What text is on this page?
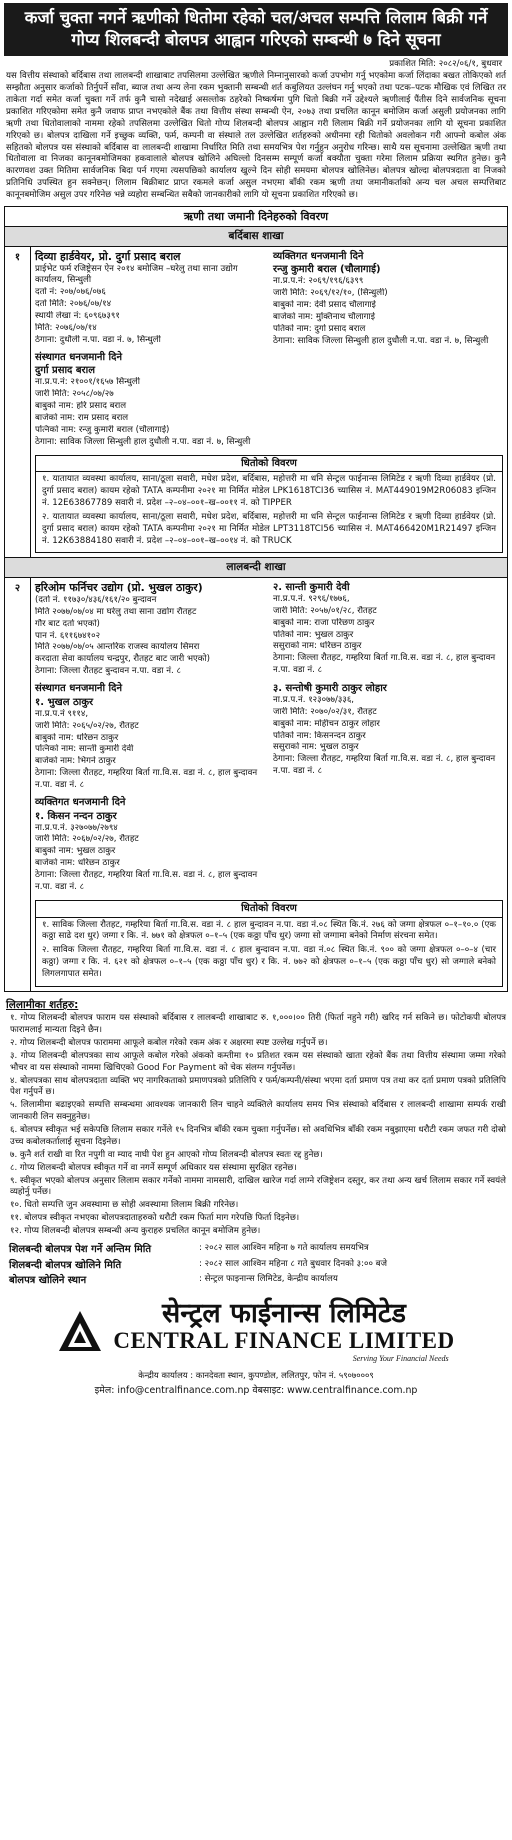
कर्जा चुक्ता नगर्ने ऋणीको धितोमा रहेको चल/अचल सम्पत्ति लिलाम बिक्री गर्ने
गोप्य शिलबन्दी बोलपत्र आह्वान गरिएको सम्बन्धी ७ दिने सूचना
प्रकाशित मिति: २०८२/०६/१, बुधवार
यस वित्तीय संस्थाको बर्दिबास तथा लालबन्दी शाखाबाट तपसिलमा उल्लेखित ऋणीले निम्नानुसारको कर्जा उपभोग गर्नु भएकोमा कर्जा लिंदाका बखत तोकिएको शर्त सम्झौता अनुसार कर्जाको तिर्नुपर्ने साँवा, ब्याज तथा अन्य लेना रकम भुक्तानी सम्बन्धी शर्त कबुलियत उल्लंघन गर्नु भएको तथा पटक–पटक मौखिक एवं लिखित तर ताकेता गर्दा समेत कर्जा चुक्ता गर्ने तर्फ कुनै चासो नदेखाई असल्तोक ठहरेको निष्कर्षमा पुगि धितो बिक्री गर्ने उद्देश्यले ऋणीलाई पैंतीस दिने सार्वजनिक सूचना प्रकाशित गरिएकोमा समेत कुनै जवाफ प्राप्त नभएकोले बैंक तथा वित्तीय संस्था सम्बन्धी ऐन, २०७३ तथा प्रचलित कानून बमोजिम कर्जा असुली प्रयोजनका लागि ऋणी तथा धितोवालाको नाममा रहेको तपसिलमा उल्लेखित धितो गोप्य शिलबन्दी बोलपत्र आह्वान गरी लिलाम बिक्री गर्ने प्रयोजनका लागि यो सूचना प्रकाशित गरिएको छ। बोलपत्र दाखिला गर्ने इच्छुक व्यक्ति, फर्म, कम्पनी वा संस्थाले तल उल्लेखित शर्तहरुको अधीनमा रही धितोको अवलोकन गरी आफ्नो कबोल अंक सहितको बोलपत्र यस संस्थाको बर्दिबास वा लालबन्दी शाखामा निर्धारित मिति तथा समयभित्र पेश गर्नुहुन अनुरोध गरिन्छ। साथै यस सूचनामा उल्लेखित ऋणी तथा धितोवाला वा निजका कानूनबमोजिमका हकवालाले बोलपत्र खोलिने अघिल्लो दिनसम्म सम्पूर्ण कर्जा बक्यौता चुक्ता गरेमा लिलाम प्रक्रिया स्थगित हुनेछ। कुनै कारणवश उक्त मितिमा सार्वजनिक बिदा पर्न गएमा त्यसपछिको कार्यालय खुल्ने दिन सोही समयमा बोलपत्र खोलिनेछ। बोलपत्र खोल्दा बोलपत्रदाता वा निजको प्रतिनिधि उपस्थित हुन सक्नेछन्। लिलाम बिक्रीबाट प्राप्त रकमले कर्जा असुल नभएमा बाँकी रकम ऋणी तथा जमानीकर्ताको अन्य चल अचल सम्पत्तिबाट कानूनबमोजिम असुल उपर गरिनेछ भन्ने व्यहोरा सम्बन्धित सबैको जानकारीको लागि यो सूचना प्रकाशित गरिएको छ।
ऋणी तथा जमानी दिनेहरुको विवरण
बर्दिबास शाखा
१	दिव्या हार्डवेयर, प्रो. दुर्गा प्रसाद बराल
प्राईभेट फर्म रजिष्ट्रेसन ऐन २०१४ बमोजिम –घरेलु तथा साना उद्योग कार्यालय, सिन्धुली
दर्ता नं: २०७/०७६/०७६
दर्ता मिति: २०७६/०७/१४
स्थायी लेखा नं: ६०९६७३९१
मिति: २०७६/०७/१४
ठेगाना: दुधौली न.पा. वडा नं. ७, सिन्धुली
संस्थागत धनजमानी दिने
दुर्गा प्रसाद बराल
ना.प्र.प.नं: २१००१/१६५७ सिन्धुली
जारी मिति: २०५८/०७/२७
बाबुको नाम: हरि प्रसाद बराल
बाजेको नाम: राम प्रसाद बराल
पत्निको नाम: रन्जु कुमारी बराल (चौलागाई)
ठेगाना: साविक जिल्ला सिन्धुली हाल दुधौली न.पा. वडा नं. ७, सिन्धुली
व्यक्तिगत धनजमानी दिने
रन्जु कुमारी बराल (चौलागाई)
ना.प्र.प.नं: २०६९/१९६/६३९९
जारी मिति: २०६९/१२/१०, (सिन्धुली)
बाबुको नाम: देवी प्रसाद चौलागाई
बाजेको नाम: मुक्तिनाथ चौलागाई
पतिको नाम: दुर्गा प्रसाद बराल
ठेगाना: साविक जिल्ला सिन्धुली हाल दुधौली न.पा. वडा नं. ७, सिन्धुली
धितोको विवरण
१. यातायात व्यवस्था कार्यालय, साना/ठूला सवारी, मधेश प्रदेश, बर्दिबास, महोत्तरी मा धनि सेन्ट्रल फाईनान्स लिमिटेड र ऋणी दिव्या हार्डवेयर (प्रो. दुर्गा प्रसाद बराल) कायम रहेको TATA कम्पनीमा २०२१ मा निर्मित मोडेल LPK1618TCI36 च्यासिस नं. MAT449019M2R06083 इन्जिन नं. 12E63867789 सवारी नं. प्रदेश –२–०४–००१–ख–००११ नं. को TIPPER
२. यातायात व्यवस्था कार्यालय, साना/ठूला सवारी, मधेश प्रदेश, बर्दिबास, महोत्तरी मा धनि सेन्ट्रल फाईनान्स लिमिटेड र ऋणी दिव्या हार्डवेयर (प्रो. दुर्गा प्रसाद बराल) कायम रहेको TATA कम्पनीमा २०२१ मा निर्मित मोडेल LPT3118TCI56 च्यासिस नं. MAT466420M1R21497 इन्जिन नं. 12K63884180 सवारी नं. प्रदेश –२–०४–००१–ख–००१४ नं. को TRUCK
लालबन्दी शाखा
२	हरिओम फर्निचर उद्योग (प्रो. भुखल ठाकुर)
(दर्ता नं. ११७३०/४३६/१६१/२० बुन्दावन
मिति २०७७/०७/०४ मा घरेलु तथा साना उद्योग रौतहट
गौर बाट दर्ता भएको)
पान नं. ६११६७४१०२
मिति २०७७/०७/०५ आन्तरिक राजस्व कार्यालय सिमरा
करदाता सेवा कार्यालय चन्द्रपुर, रौतहट बाट जारी भएको)
ठेगाना: जिल्ला रौतहट बुन्दावन न.पा. वडा नं. ८
संस्थागत धनजमानी दिने
१. भुखल ठाकुर
ना.प्र.प.नं ९११४,
जारी मिति: २०६५/०२/२७, रौतहट
बाबुको नाम: धरिछन ठाकुर
पत्निको नाम: सान्ती कुमारी देवी
बाजेको नाम: भिगने ठाकुर
ठेगाना: जिल्ला रौतहट, गम्हरिया बिर्ता गा.वि.स. वडा नं. ८, हाल बुन्दावन न.पा. वडा नं. ८
व्यक्तिगत धनजमानी दिने
१. किसन नन्दन ठाकुर
ना.प्र.प.नं. ३२७०७७/२७९४
जारी मिति: २०६७/०२/२७, रौतहट
बाबुको नाम: भुखल ठाकुर
बाजेको नाम: धरिछन ठाकुर
ठेगाना: जिल्ला रौतहट, गम्हरिया बिर्ता गा.वि.स. वडा नं. ८, हाल बुन्दावन न.पा. वडा नं. ८
२. सान्ती कुमारी देवी
ना.प्र.प.नं. ९२९६/१७७६,
जारी मिति: २०५७/०१/२८, रौतहट
बाबुको नाम: राजा परिछण ठाकुर
पतिको नाम: भुखल ठाकुर
ससुराको नाम: धरिछन ठाकुर
ठेगाना: जिल्ला रौतहट, गम्हरिया बिर्ता गा.वि.स. वडा नं. ८, हाल बुन्दावन न.पा. वडा नं. ८
३. सन्तोषी कुमारी ठाकुर लोहार
ना.प्र.प.नं. १२३०७७/३३६,
जारी मिति: २०७०/०२/३१, रौतहट
बाबुको नाम: मोहीचन ठाकुर लोहार
पतिको नाम: किसनन्दन ठाकुर
ससुराको नाम: भुखल ठाकुर
ठेगाना: जिल्ला रौतहट, गम्हरिया बिर्ता गा.वि.स. वडा नं. ८, हाल बुन्दावन न.पा. वडा नं. ८
धितोको विवरण
१. साविक जिल्ला रौतहट, गम्हरिया बिर्ता गा.वि.स. वडा नं. ८ हाल बुन्दावन न.पा. वडा नं.०८ स्थित कि.नं. २७६ को जग्गा क्षेत्रफल ०–१–१०.० (एक कठ्ठा साढे दश धुर) जग्गा र कि. नं. ७७१ को क्षेत्रफल ०–१–५ (एक कठ्ठा पाँच धुर) जग्गा सो जग्गामा बनेको निर्माण संरचना समेत।
२. साविक जिल्ला रौतहट, गम्हरिया बिर्ता गा.वि.स. वडा नं. ८ हाल बुन्दावन न.पा. वडा नं.०८ स्थित कि.नं. ९०० को जग्गा क्षेत्रफल ०–०–४ (चार कठ्ठा) जग्गा र कि. नं. ६२१ को क्षेत्रफल ०–१–५ (एक कठ्ठा पाँच धुर) र कि. नं. ७७२ को क्षेत्रफल ०–१–५ (एक कठ्ठा पाँच धुर) सो जग्गाले बनेको लिगलगापात समेत।
लिलामीका शर्तहरु:
१. गोप्य शिलबन्दी बोलपत्र फाराम यस संस्थाको बर्दिबास र लालबन्दी शाखाबाट रु. १,०००।०० तिरी (फिर्ता नहुने गरी) खरिद गर्न सकिने छ। फोटोकपी बोलपत्र फारामलाई मान्यता दिइने छैन।
२. गोप्य शिलबन्दी बोलपत्र फाराममा आफूले कबोल गरेको रकम अंक र अक्षरमा स्पष्ट उल्लेख गर्नुपर्ने छ।
३. गोप्य शिलबन्दी बोलपत्रका साथ आफूले कबोल गरेको अंकको कम्तीमा १० प्रतिशत रकम यस संस्थाको खाता रहेको बैंक तथा वित्तीय संस्थामा जम्मा गरेको भौचर वा यस संस्थाको नाममा खिचिएको Good For Payment को चेक संलग्न गर्नुपर्नेछ।
४. बोलपत्रका साथ बोलपत्रदाता व्यक्ति भए नागरिकताको प्रमाणपत्रको प्रतिलिपि र फर्म/कम्पनी/संस्था भएमा दर्ता प्रमाण पत्र तथा कर दर्ता प्रमाण पत्रको प्रतिलिपि पेश गर्नुपर्ने छ।
५. लिलामीमा बढाइएको सम्पत्ति सम्बन्धमा आवश्यक जानकारी लिन चाहने व्यक्तिले कार्यालय समय भित्र संस्थाको बर्दिबास र लालबन्दी शाखामा सम्पर्क राखी जानकारी लिन सक्नुहुनेछ।
६. बोलपत्र स्वीकृत भई सकेपछि लिलाम सकार गर्नेले १५ दिनभित्र बाँकी रकम चुक्ता गर्नुपर्नेछ। सो अवधिभित्र बाँकी रकम नबुझाएमा धरौटी रकम जफत गरी दोस्रो उच्च कबोलकर्तालाई सूचना दिइनेछ।
७. कुनै शर्त राखी वा रित नपुगी वा म्याद नाघी पेश हुन आएको गोप्य शिलबन्दी बोलपत्र स्वतः रद्द हुनेछ।
८. गोप्य शिलबन्दी बोलपत्र स्वीकृत गर्ने वा नगर्ने सम्पूर्ण अधिकार यस संस्थामा सुरक्षित रहनेछ।
९. स्वीकृत भएको बोलपत्र अनुसार लिलाम सकार गर्नेको नाममा नामसारी, दाखिल खारेज गर्दा लाग्ने रजिष्ट्रेशन दस्तुर, कर तथा अन्य खर्च लिलाम सकार गर्ने स्वयंले व्यहोर्नु पर्नेछ।
१०. धितो सम्पत्ति जुन अवस्थामा छ सोही अवस्थामा लिलाम बिक्री गरिनेछ।
११. बोलपत्र स्वीकृत नभएका बोलपत्रदाताहरुको धरौटी रकम फिर्ता माग गरेपछि फिर्ता दिइनेछ।
१२. गोप्य शिलबन्दी बोलपत्र सम्बन्धी अन्य कुराहरु प्रचलित कानून बमोजिम हुनेछ।
शिलबन्दी बोलपत्र पेश गर्ने अन्तिम मिति	: २०८२ साल आश्विन महिना ७ गते कार्यालय समयभित्र
शिलबन्दी बोलपत्र खोलिने मिति	: २०८२ साल आश्विन महिना ८ गते बुधवार दिनको ३:०० बजे
बोलपत्र खोलिने स्थान	: सेन्ट्रल फाइनान्स लिमिटेड, केन्द्रीय कार्यालय
सेन्ट्रल फाईनान्स लिमिटेड
CENTRAL FINANCE LIMITED
Serving Your Financial Needs
केन्द्रीय कार्यालय : कानदेवता स्थान, कुपण्डोल, ललितपुर, फोन नं. ५९०७०००९
इमेल: info@centralfinance.com.np वेबसाइट: www.centralfinance.com.np
